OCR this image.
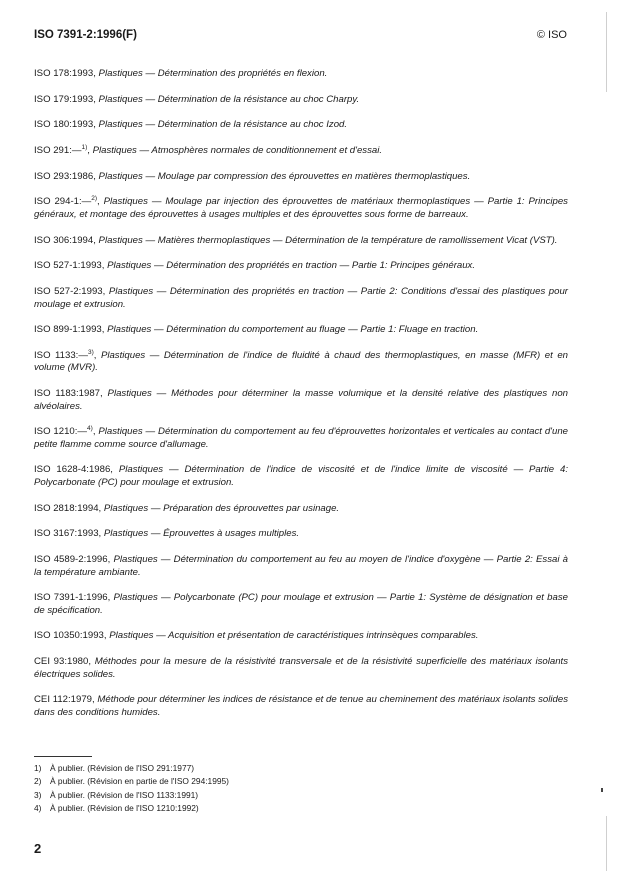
ISO 7391-2:1996(F)	© ISO
ISO 178:1993, Plastiques — Détermination des propriétés en flexion.
ISO 179:1993, Plastiques — Détermination de la résistance au choc Charpy.
ISO 180:1993, Plastiques — Détermination de la résistance au choc Izod.
ISO 291:—$^{1)}$, Plastiques — Atmosphères normales de conditionnement et d'essai.
ISO 293:1986, Plastiques — Moulage par compression des éprouvettes en matières thermoplastiques.
ISO 294-1:—$^{2)}$, Plastiques — Moulage par injection des éprouvettes de matériaux thermoplastiques — Partie 1: Principes généraux, et montage des éprouvettes à usages multiples et des éprouvettes sous forme de barreaux.
ISO 306:1994, Plastiques — Matières thermoplastiques — Détermination de la température de ramollissement Vicat (VST).
ISO 527-1:1993, Plastiques — Détermination des propriétés en traction — Partie 1: Principes généraux.
ISO 527-2:1993, Plastiques — Détermination des propriétés en traction — Partie 2: Conditions d'essai des plastiques pour moulage et extrusion.
ISO 899-1:1993, Plastiques — Détermination du comportement au fluage — Partie 1: Fluage en traction.
ISO 1133:—$^{3)}$, Plastiques — Détermination de l'indice de fluidité à chaud des thermoplastiques, en masse (MFR) et en volume (MVR).
ISO 1183:1987, Plastiques — Méthodes pour déterminer la masse volumique et la densité relative des plastiques non alvéolaires.
ISO 1210:—$^{4)}$, Plastiques — Détermination du comportement au feu d'éprouvettes horizontales et verticales au contact d'une petite flamme comme source d'allumage.
ISO 1628-4:1986, Plastiques — Détermination de l'indice de viscosité et de l'indice limite de viscosité — Partie 4: Polycarbonate (PC) pour moulage et extrusion.
ISO 2818:1994, Plastiques — Préparation des éprouvettes par usinage.
ISO 3167:1993, Plastiques — Éprouvettes à usages multiples.
ISO 4589-2:1996, Plastiques — Détermination du comportement au feu au moyen de l'indice d'oxygène — Partie 2: Essai à la température ambiante.
ISO 7391-1:1996, Plastiques — Polycarbonate (PC) pour moulage et extrusion — Partie 1: Système de désignation et base de spécification.
ISO 10350:1993, Plastiques — Acquisition et présentation de caractéristiques intrinsèques comparables.
CEI 93:1980, Méthodes pour la mesure de la résistivité transversale et de la résistivité superficielle des matériaux isolants électriques solides.
CEI 112:1979, Méthode pour déterminer les indices de résistance et de tenue au cheminement des matériaux isolants solides dans des conditions humides.
1) À publier. (Révision de l'ISO 291:1977)
2) À publier. (Révision en partie de l'ISO 294:1995)
3) À publier. (Révision de l'ISO 1133:1991)
4) À publier. (Révision de l'ISO 1210:1992)
2
